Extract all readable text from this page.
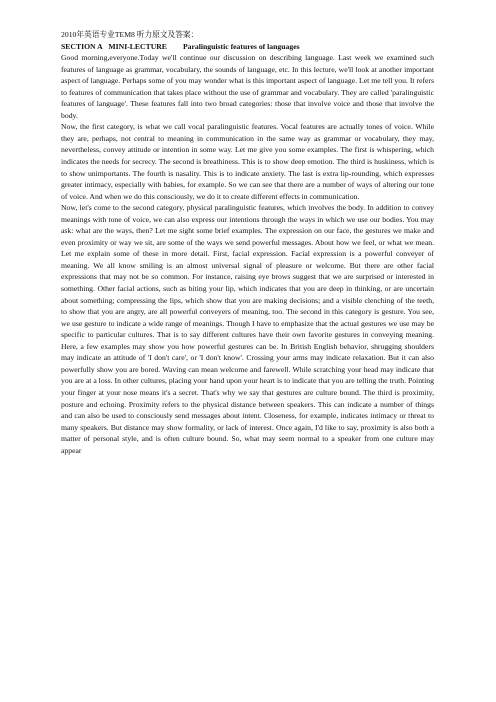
2010年英语专业TEM8 听力原文及答案：

SECTION A MINI-LECTURE Paralinguistic features of languages

Good morning,everyone.Today we'll continue our discussion on describing language. Last week we examined such features of language as grammar, vocabulary, the sounds of language, etc. In this lecture, we'll look at another important aspect of language. Perhaps some of you may wonder what is this important aspect of language. Let me tell you. It refers to features of communication that takes place without the use of grammar and vocabulary. They are called 'paralinguistic features of language'. These features fall into two broad categories: those that involve voice and those that involve the body.

Now, the first category, is what we call vocal paralinguistic features. Vocal features are actually tones of voice. While they are, perhaps, not central to meaning in communication in the same way as grammar or vocabulary, they may, nevertheless, convey attitude or intention in some way. Let me give you some examples. The first is whispering, which indicates the needs for secrecy. The second is breathiness. This is to show deep emotion. The third is huskiness, which is to show unimportants. The fourth is nasality. This is to indicate anxiety. The last is extra lip-rounding, which expresses greater intimacy, especially with babies, for example. So we can see that there are a number of ways of altering our tone of voice. And when we do this consciously, we do it to create different effects in communication.

Now, let's come to the second category, physical paralinguistic features, which involves the body. In addition to convey meanings with tone of voice, we can also express our intentions through the ways in which we use our bodies. You may ask: what are the ways, then? Let me sight some brief examples. The expression on our face, the gestures we make and even proximity or way we sit, are some of the ways we send powerful messages. About how we feel, or what we mean. Let me explain some of these in more detail. First, facial expression. Facial expression is a powerful conveyer of meaning. We all know smiling is an almost universal signal of pleasure or welcome. But there are other facial expressions that may not be so common. For instance, raising eye brows suggest that we are surprised or interested in something. Other facial actions, such as biting your lip, which indicates that you are deep in thinking, or are uncertain about something; compressing the lips, which show that you are making decisions; and a visible clenching of the teeth, to show that you are angry, are all powerful conveyers of meaning, too. The second in this category is gesture. You see, we use gesture to indicate a wide range of meanings. Though I have to emphasize that the actual gestures we use may be specific to particular cultures. That is to say different cultures have their own favorite gestures in conveying meaning. Here, a few examples may show you how powerful gestures can be. In British English behavior, shrugging shoulders may indicate an attitude of 'I don't care', or 'I don't know'. Crossing your arms may indicate relaxation. But it can also powerfully show you are bored. Waving can mean welcome and farewell. While scratching your head may indicate that you are at a loss. In other cultures, placing your hand upon your heart is to indicate that you are telling the truth. Pointing your finger at your nose means it's a secret. That's why we say that gestures are culture bound. The third is proximity, posture and echoing. Proximity refers to the physical distance between speakers. This can indicate a number of things and can also be used to consciously send messages about intent. Closeness, for example, indicates intimacy or threat to many speakers. But distance may show formality, or lack of interest. Once again, I'd like to say, proximity is also both a matter of personal style, and is often culture bound. So, what may seem normal to a speaker from one culture may appear
